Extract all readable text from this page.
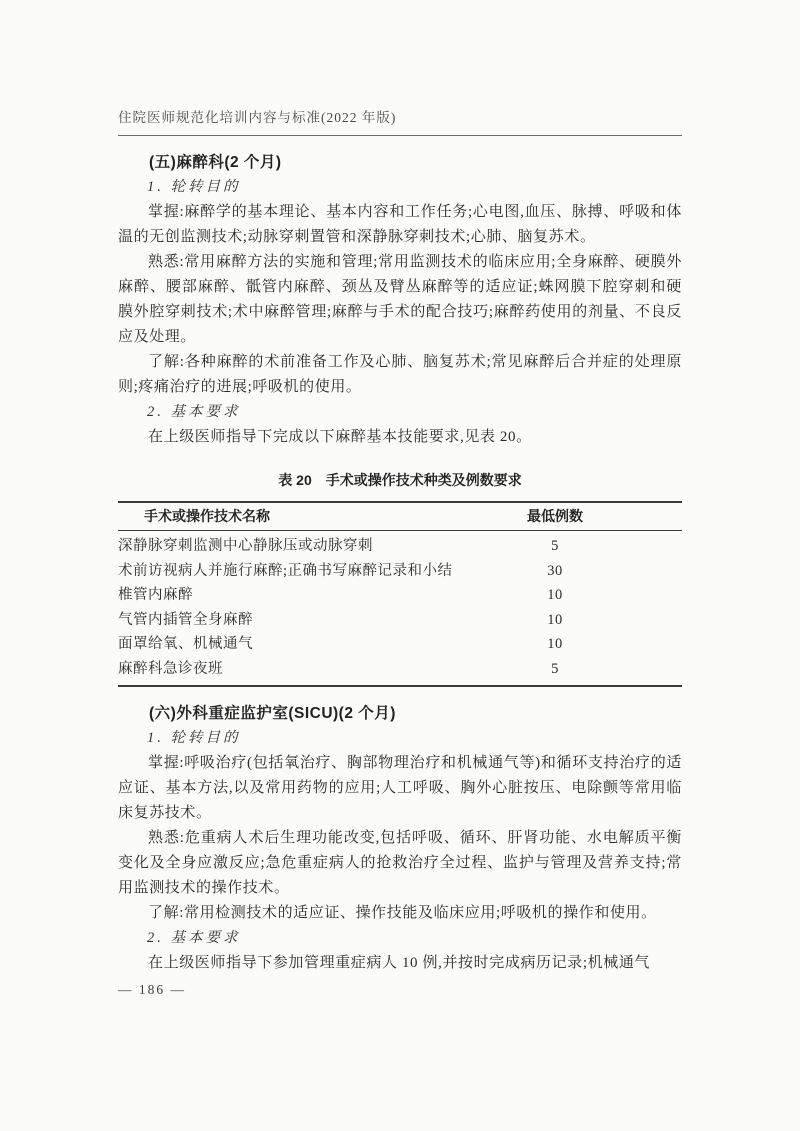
住院医师规范化培训内容与标准(2022 年版)
(五)麻醉科(2 个月)
1. 轮转目的
掌握:麻醉学的基本理论、基本内容和工作任务;心电图,血压、脉搏、呼吸和体温的无创监测技术;动脉穿刺置管和深静脉穿刺技术;心肺、脑复苏术。
熟悉:常用麻醉方法的实施和管理;常用监测技术的临床应用;全身麻醉、硬膜外麻醉、腰部麻醉、骶管内麻醉、颈丛及臂丛麻醉等的适应证;蛛网膜下腔穿刺和硬膜外腔穿刺技术;术中麻醉管理;麻醉与手术的配合技巧;麻醉药使用的剂量、不良反应及处理。
了解:各种麻醉的术前准备工作及心肺、脑复苏术;常见麻醉后合并症的处理原则;疼痛治疗的进展;呼吸机的使用。
2. 基本要求
在上级医师指导下完成以下麻醉基本技能要求,见表 20。
表 20　手术或操作技术种类及例数要求
手术或操作技术名称	最低例数
深静脉穿刺监测中心静脉压或动脉穿刺	5
术前访视病人并施行麻醉;正确书写麻醉记录和小结	30
椎管内麻醉	10
气管内插管全身麻醉	10
面罩给氧、机械通气	10
麻醉科急诊夜班	5
(六)外科重症监护室(SICU)(2 个月)
1. 轮转目的
掌握:呼吸治疗(包括氧治疗、胸部物理治疗和机械通气等)和循环支持治疗的适应证、基本方法,以及常用药物的应用;人工呼吸、胸外心脏按压、电除颤等常用临床复苏技术。
熟悉:危重病人术后生理功能改变,包括呼吸、循环、肝肾功能、水电解质平衡变化及全身应激反应;急危重症病人的抢救治疗全过程、监护与管理及营养支持;常用监测技术的操作技术。
了解:常用检测技术的适应证、操作技能及临床应用;呼吸机的操作和使用。
2. 基本要求
在上级医师指导下参加管理重症病人 10 例,并按时完成病历记录;机械通气
— 186 —
